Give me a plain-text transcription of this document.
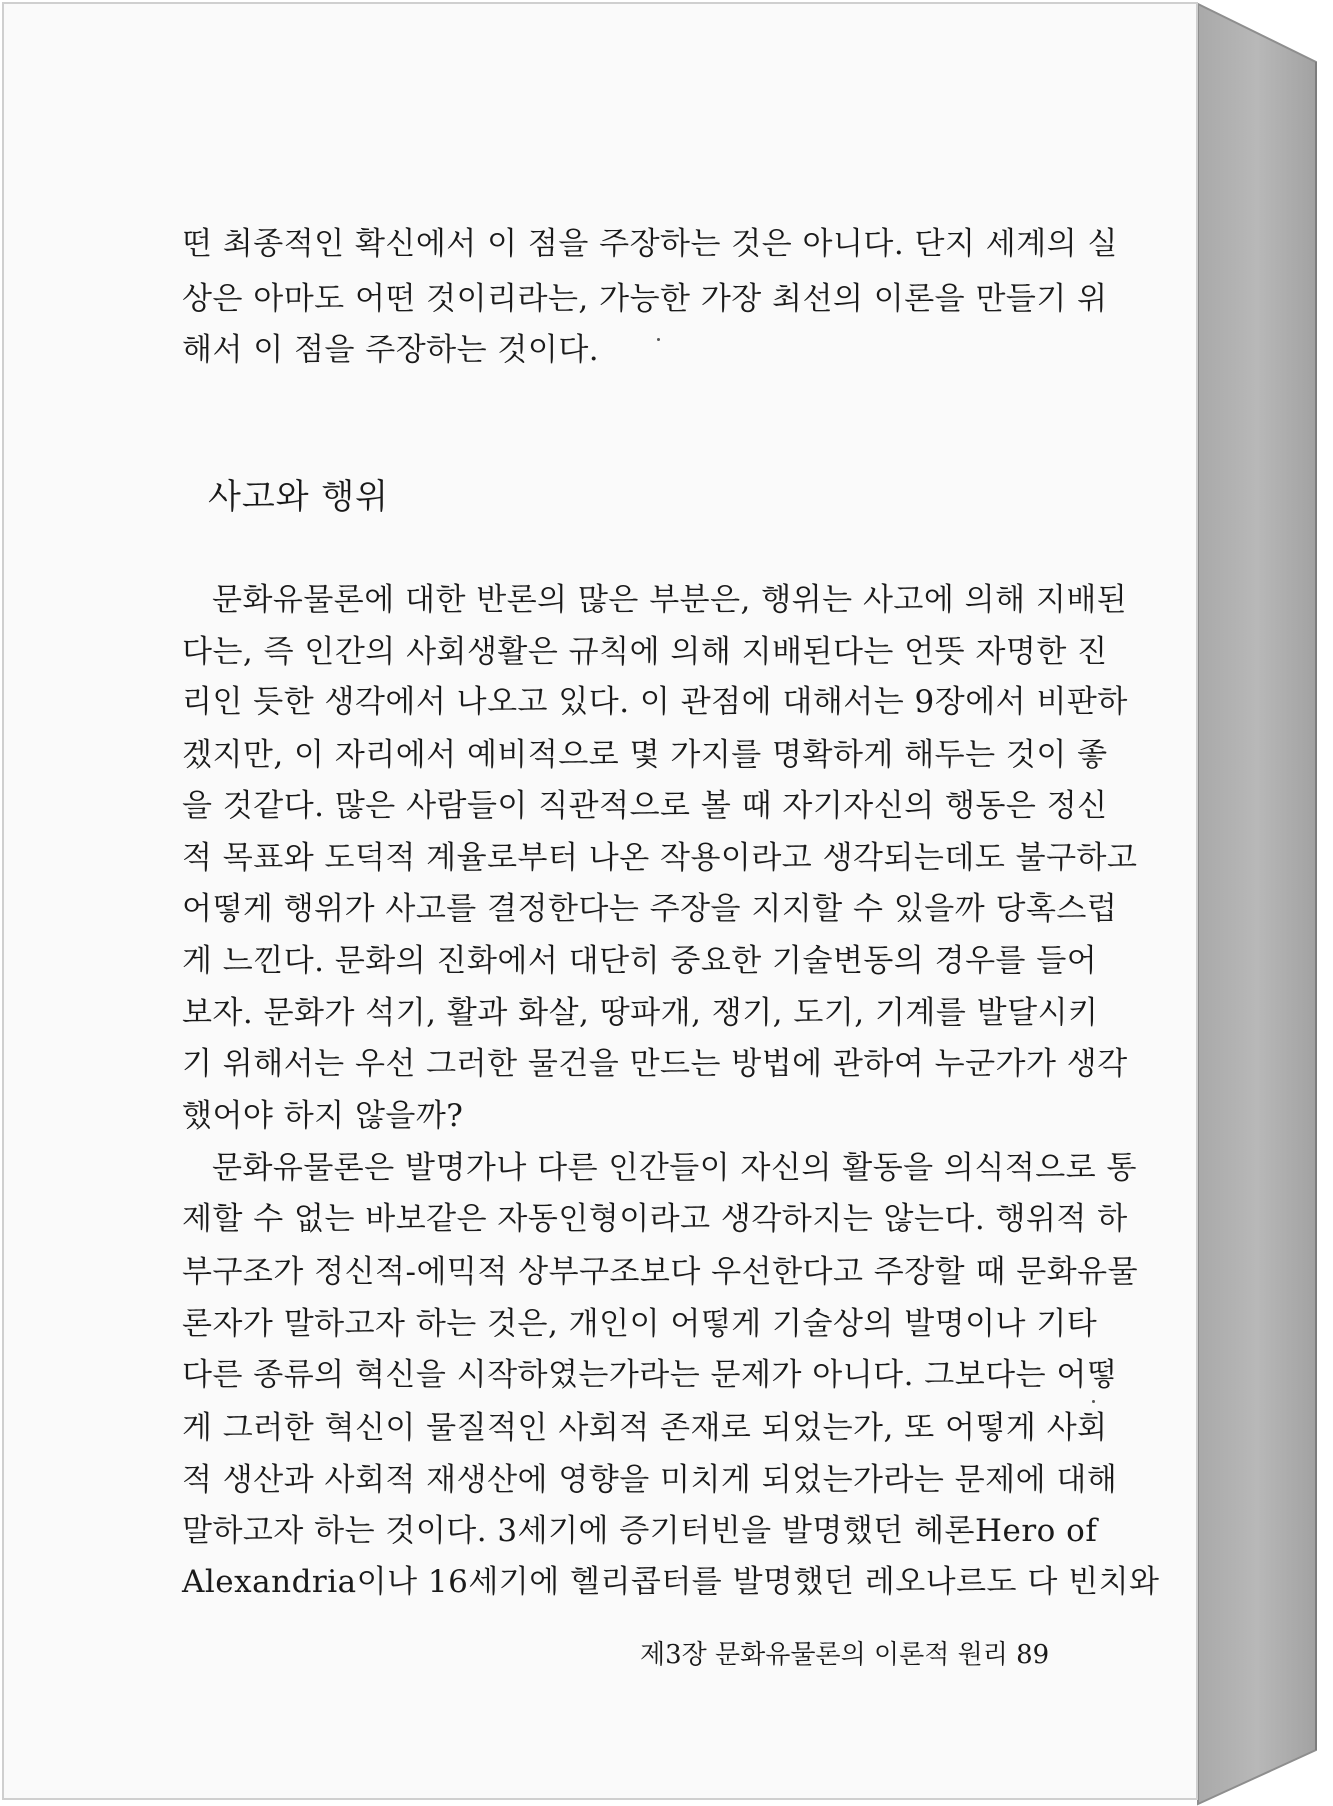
떤 최종적인 확신에서 이 점을 주장하는 것은 아니다. 단지 세계의 실
상은 아마도 어떤 것이리라는, 가능한 가장 최선의 이론을 만들기 위
해서 이 점을 주장하는 것이다.
사고와 행위
문화유물론에 대한 반론의 많은 부분은, 행위는 사고에 의해 지배된
다는, 즉 인간의 사회생활은 규칙에 의해 지배된다는 언뜻 자명한 진
리인 듯한 생각에서 나오고 있다. 이 관점에 대해서는 9장에서 비판하
겠지만, 이 자리에서 예비적으로 몇 가지를 명확하게 해두는 것이 좋
을 것같다. 많은 사람들이 직관적으로 볼 때 자기자신의 행동은 정신
적 목표와 도덕적 계율로부터 나온 작용이라고 생각되는데도 불구하고
어떻게 행위가 사고를 결정한다는 주장을 지지할 수 있을까 당혹스럽
게 느낀다. 문화의 진화에서 대단히 중요한 기술변동의 경우를 들어
보자. 문화가 석기, 활과 화살, 땅파개, 쟁기, 도기, 기계를 발달시키
기 위해서는 우선 그러한 물건을 만드는 방법에 관하여 누군가가 생각
했어야 하지 않을까?
문화유물론은 발명가나 다른 인간들이 자신의 활동을 의식적으로 통
제할 수 없는 바보같은 자동인형이라고 생각하지는 않는다. 행위적 하
부구조가 정신적-에믹적 상부구조보다 우선한다고 주장할 때 문화유물
론자가 말하고자 하는 것은, 개인이 어떻게 기술상의 발명이나 기타
다른 종류의 혁신을 시작하였는가라는 문제가 아니다. 그보다는 어떻
게 그러한 혁신이 물질적인 사회적 존재로 되었는가, 또 어떻게 사회
적 생산과 사회적 재생산에 영향을 미치게 되었는가라는 문제에 대해
말하고자 하는 것이다. 3세기에 증기터빈을 발명했던 헤론Hero of
Alexandria이나 16세기에 헬리콥터를 발명했던 레오나르도 다 빈치와
제3장 문화유물론의 이론적 원리 89
